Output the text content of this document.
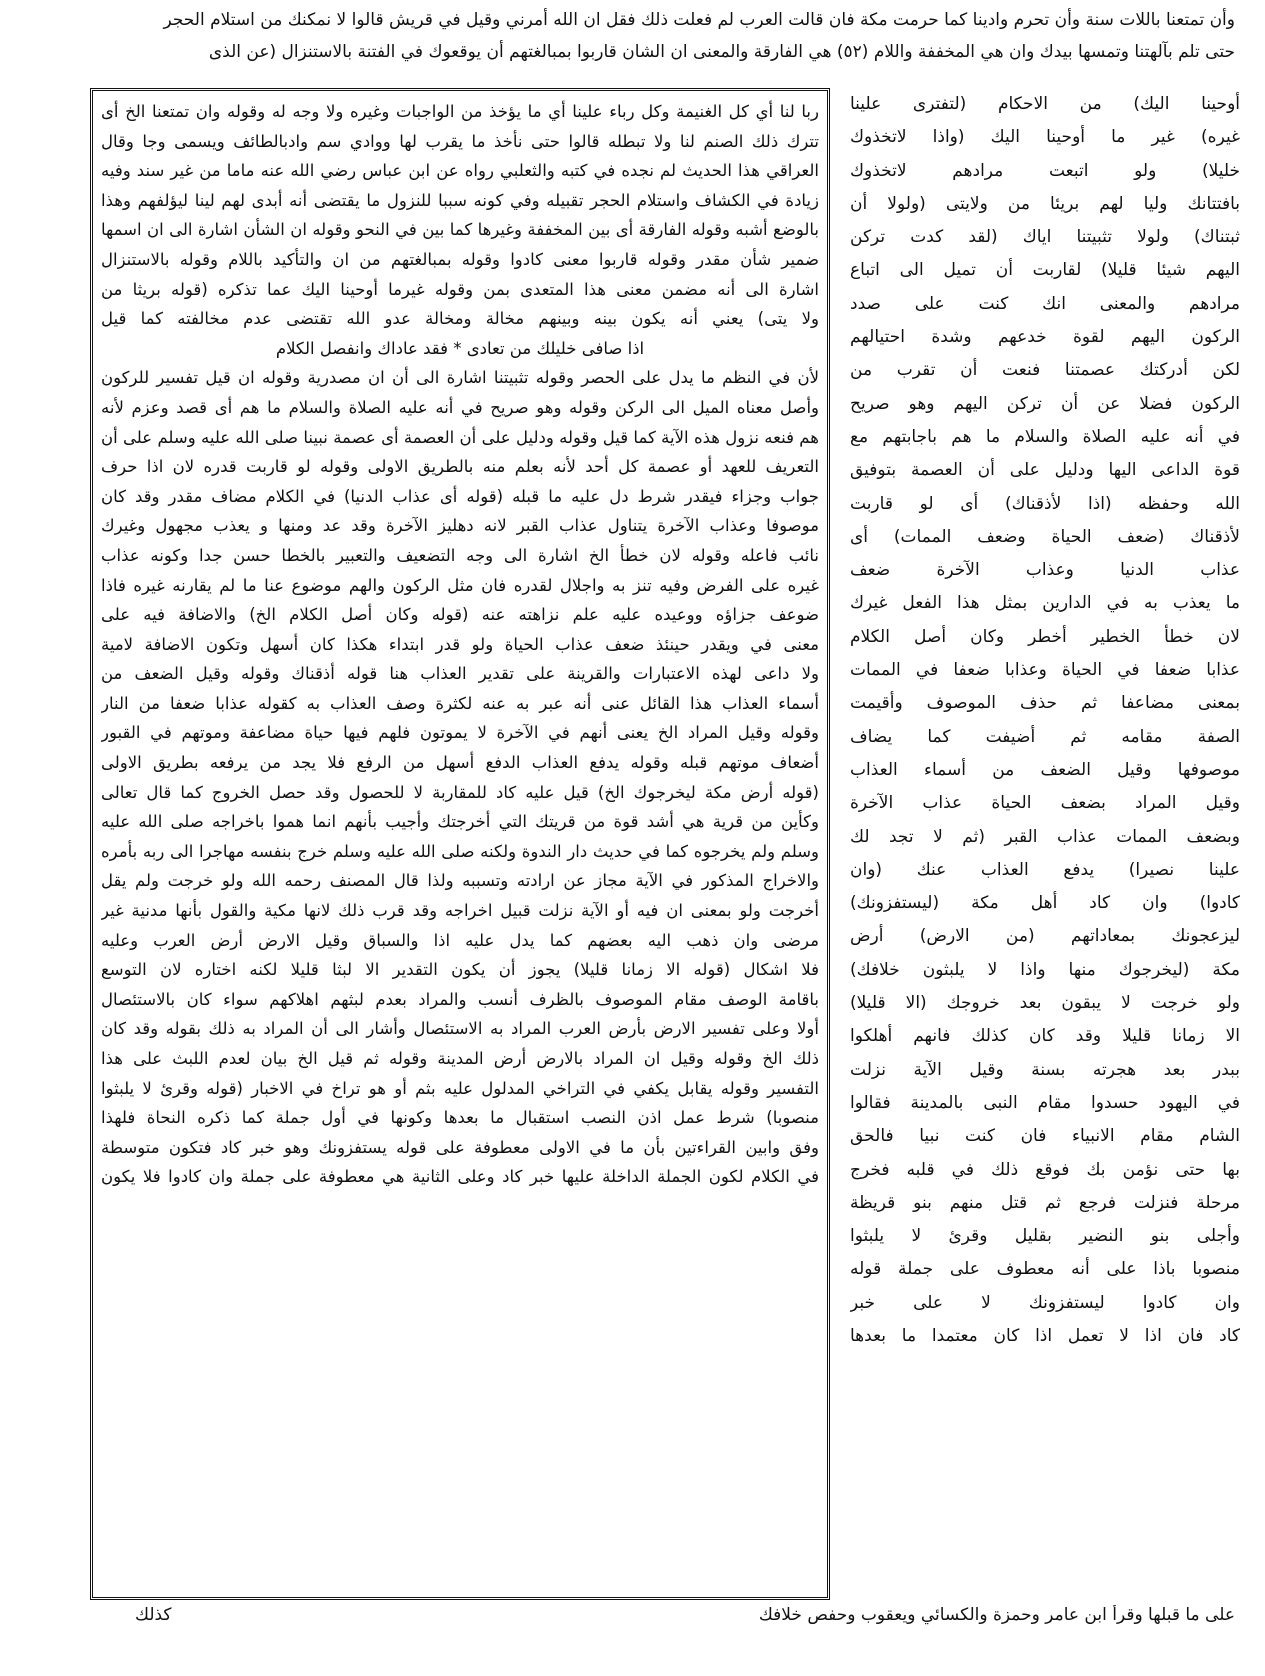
وأن تمتعنا باللات سنة وأن تحرم وادينا كما حرمت مكة فان قالت العرب لم فعلت ذلك فقل ان الله أمرني وقيل في قريش قالوا لا نمكنك من استلام الحجر
حتى تلم بآلهتنا وتمسها بيدك وان هي المخففة واللام (٥٢) هي الفارقة والمعنى ان الشان قاربوا بمبالغتهم أن يوقعوك في الفتنة بالاستنزال (عن الذى
أوحينا اليك) من الاحكام (لتفترى علينا
غيره) غير ما أوحينا اليك (واذا لاتخذوك
خليلا) ولو اتبعت مرادهم لاتخذوك
بافتتانك وليا لهم بريئا من ولايتى (ولولا أن
ثبتناك) ولولا تثبيتنا اياك (لقد كدت تركن
اليهم شيئا قليلا) لقاربت أن تميل الى اتباع
مرادهم والمعنى انك كنت على صدد
الركون اليهم لقوة خدعهم وشدة احتيالهم
لكن أدركتك عصمتنا فنعت أن تقرب من
الركون فضلا عن أن تركن اليهم وهو صريح
في أنه عليه الصلاة والسلام ما هم باجابتهم مع
قوة الداعى اليها ودليل على أن العصمة بتوفيق
الله وحفظه (اذا لأذقناك) أى لو قاربت
لأذقناك (ضعف الحياة وضعف الممات) أى
عذاب الدنيا وعذاب الآخرة ضعف
ما يعذب به في الدارين بمثل هذا الفعل غيرك
لان خطأ الخطير أخطر وكان أصل الكلام
عذابا ضعفا في الحياة وعذابا ضعفا في الممات
بمعنى مضاعفا ثم حذف الموصوف وأقيمت
الصفة مقامه ثم أضيفت كما يضاف
موصوفها وقيل الضعف من أسماء العذاب
وقيل المراد بضعف الحياة عذاب الآخرة
وبضعف الممات عذاب القبر (ثم لا تجد لك
علينا نصيرا) يدفع العذاب عنك (وان
كادوا) وان كاد أهل مكة (ليستفزونك)
ليزعجونك بمعاداتهم (من الارض) أرض
مكة (ليخرجوك منها واذا لا يلبثون خلافك)
ولو خرجت لا يبقون بعد خروجك (الا قليلا)
الا زمانا قليلا وقد كان كذلك فانهم أهلكوا
ببدر بعد هجرته بسنة وقيل الآية نزلت
في اليهود حسدوا مقام النبى بالمدينة فقالوا
الشام مقام الانبياء فان كنت نبيا فالحق
بها حتى نؤمن بك فوقع ذلك في قلبه فخرج
مرحلة فنزلت فرجع ثم قتل منهم بنو قريظة
وأجلى بنو النضير بقليل وقرئ لا يلبثوا
منصوبا باذا على أنه معطوف على جملة قوله
وان كادوا ليستفزونك لا على خبر
كاد فان اذا لا تعمل اذا كان معتمدا ما بعدها
ربا لنا أي كل الغنيمة وكل رباء علينا أي ما يؤخذ من الواجبات وغيره ولا وجه له وقوله وان تمتعنا الخ أى
تترك ذلك الصنم لنا ولا تبطله قالوا حتى نأخذ ما يقرب لها ووادي سم وادبالطائف ويسمى وجا وقال
العراقي هذا الحديث لم نجده في كتبه والثعلبي رواه عن ابن عباس رضي الله عنه ماما من غير سند وفيه
زيادة في الكشاف واستلام الحجر تقبيله وفي كونه سببا للنزول ما يقتضى أنه أبدى لهم لينا ليؤلفهم وهذا
بالوضع أشبه وقوله الفارقة أى بين المخففة وغيرها كما بين في النحو وقوله ان الشأن اشارة الى ان اسمها
ضمير شأن مقدر وقوله قاربوا معنى كادوا وقوله بمبالغتهم من ان والتأكيد باللام وقوله بالاستنزال
اشارة الى أنه مضمن معنى هذا المتعدى بمن وقوله غيرما أوحينا اليك عما تذكره (قوله بريثا من
ولا يتى) يعني أنه يكون بينه وبينهم مخالة ومخالة عدو الله تقتضى عدم مخالفته كما قيل
اذا صافى خليلك من تعادى * فقد عاداك وانفصل الكلام
لأن في النظم ما يدل على الحصر وقوله تثبيتنا اشارة الى أن ان مصدرية وقوله ان قيل تفسير للركون
وأصل معناه الميل الى الركن وقوله وهو صريح في أنه عليه الصلاة والسلام ما هم أى قصد وعزم لأنه
هم فنعه نزول هذه الآية كما قيل وقوله ودليل على أن العصمة أى عصمة نبينا صلى الله عليه وسلم على أن
التعريف للعهد أو عصمة كل أحد لأنه بعلم منه بالطريق الاولى وقوله لو قاربت قدره لان اذا حرف
جواب وجزاء فيقدر شرط دل عليه ما قبله (قوله أى عذاب الدنيا) في الكلام مضاف مقدر وقد كان
موصوفا وعذاب الآخرة يتناول عذاب القبر لانه دهليز الآخرة وقد عد ومنها و يعذب مجهول وغيرك
نائب فاعله وقوله لان خطأ الخ اشارة الى وجه التضعيف والتعبير بالخطا حسن جدا وكونه عذاب
غيره على الفرض وفيه تنز به واجلال لقدره فان مثل الركون والهم موضوع عنا ما لم يقارنه غيره فاذا
ضوعف جزاؤه ووعيده عليه علم نزاهته عنه (قوله وكان أصل الكلام الخ) والاضافة فيه على
معنى في ويقدر حينئذ ضعف عذاب الحياة ولو قدر ابتداء هكذا كان أسهل وتكون الاضافة لامية
ولا داعى لهذه الاعتبارات والقرينة على تقدير العذاب هنا قوله أذقناك وقوله وقيل الضعف من
أسماء العذاب هذا القائل عنى أنه عبر به عنه لكثرة وصف العذاب به كقوله عذابا ضعفا من النار
وقوله وقيل المراد الخ يعنى أنهم في الآخرة لا يموتون فلهم فيها حياة مضاعفة وموتهم في القبور
أضعاف موتهم قبله وقوله يدفع العذاب الدفع أسهل من الرفع فلا يجد من يرفعه بطريق الاولى
(قوله أرض مكة ليخرجوك الخ) قيل عليه كاد للمقاربة لا للحصول وقد حصل الخروج كما قال تعالى
وكأين من قرية هي أشد قوة من قريتك التي أخرجتك وأجيب بأنهم انما هموا باخراجه صلى الله عليه
وسلم ولم يخرجوه كما في حديث دار الندوة ولكنه صلى الله عليه وسلم خرج بنفسه مهاجرا الى ربه بأمره
والاخراج المذكور في الآية مجاز عن ارادته وتسببه ولذا قال المصنف رحمه الله ولو خرجت ولم يقل
أخرجت ولو بمعنى ان فيه أو الآية نزلت قبيل اخراجه وقد قرب ذلك لانها مكية والقول بأنها مدنية غير
مرضى وان ذهب اليه بعضهم كما يدل عليه اذا والسباق وقيل الارض أرض العرب وعليه
فلا اشكال (قوله الا زمانا قليلا) يجوز أن يكون التقدير الا لبثا قليلا لكنه اختاره لان التوسع
باقامة الوصف مقام الموصوف بالظرف أنسب والمراد بعدم لبثهم اهلاكهم سواء كان بالاستئصال
أولا وعلى تفسير الارض بأرض العرب المراد به الاستئصال وأشار الى أن المراد به ذلك بقوله وقد كان
ذلك الخ وقوله وقيل ان المراد بالارض أرض المدينة وقوله ثم قيل الخ بيان لعدم اللبث على هذا
التفسير وقوله يقابل يكفي في التراخي المدلول عليه بثم أو هو تراخ في الاخبار (قوله وقرئ لا يلبثوا
منصوبا) شرط عمل اذن النصب استقبال ما بعدها وكونها في أول جملة كما ذكره النحاة فلهذا
وفق وابين القراءتين بأن ما في الاولى معطوفة على قوله يستفزونك وهو خبر كاد فتكون متوسطة
في الكلام لكون الجملة الداخلة عليها خبر كاد وعلى الثانية هي معطوفة على جملة وان كادوا فلا يكون
على ما قبلها وقرأ ابن عامر وحمزة والكسائي ويعقوب وحفص خلافك
كذلك
